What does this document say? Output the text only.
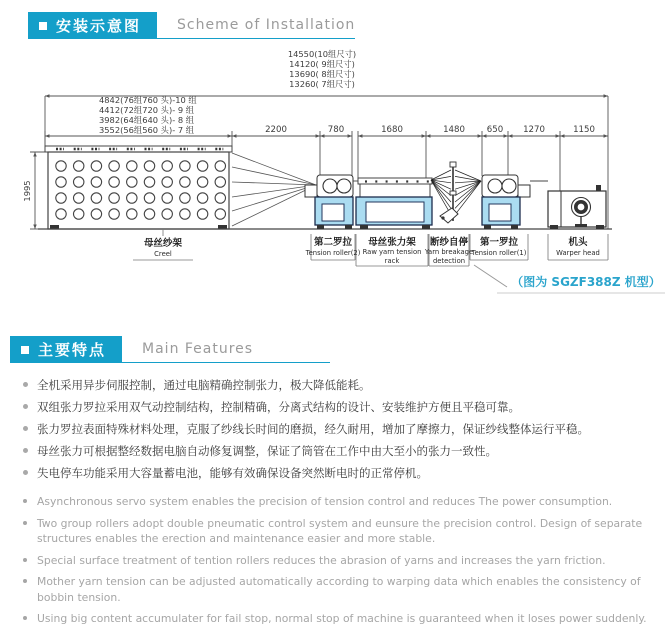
安装示意图	Scheme of Installation
14550(10组尺寸)
14120( 9组尺寸)
13690( 8组尺寸)
13260( 7组尺寸)
4842(76组760 头)-10 组
4412(72组720 头)- 9 组
3982(64组640 头)- 8 组
3552(56组560 头)- 7 组	2200	780	1680	1480	650 1270	1150
1995
母丝纱架
Creel
第二罗拉
Tension roller(2)
母丝张力架
Raw yarn tension
rack
断纱自停
Yarn breakage
detection
第一罗拉
Tension roller(1)
机头
Warper head
（图为 SGZF388Z 机型）
主要特点	Main Features
全机采用异步伺服控制，通过电脑精确控制张力，极大降低能耗。
双组张力罗拉采用双气动控制结构，控制精确，分离式结构的设计、安装维护方便且平稳可靠。
张力罗拉表面特殊材料处理，克服了纱线长时间的磨损，经久耐用，增加了摩擦力，保证纱线整体运行平稳。
母丝张力可根据整经数据电脑自动修复调整，保证了筒管在工作中由大至小的张力一致性。
失电停车功能采用大容量蓄电池，能够有效确保设备突然断电时的正常停机。
Asynchronous servo system enables the precision of tension control and reduces The power consumption.
Two group rollers adopt double pneumatic control system and eunsure the precision control. Design of separate structures enables the erection and maintenance easier and more stable.
Special surface treatment of tention rollers reduces the abrasion of yarns and increases the yarn friction.
Mother yarn tension can be adjusted automatically according to warping data which enables the consistency of bobbin tension.
Using big content accumulater for fail stop, normal stop of machine is guaranteed when it loses power suddenly.
